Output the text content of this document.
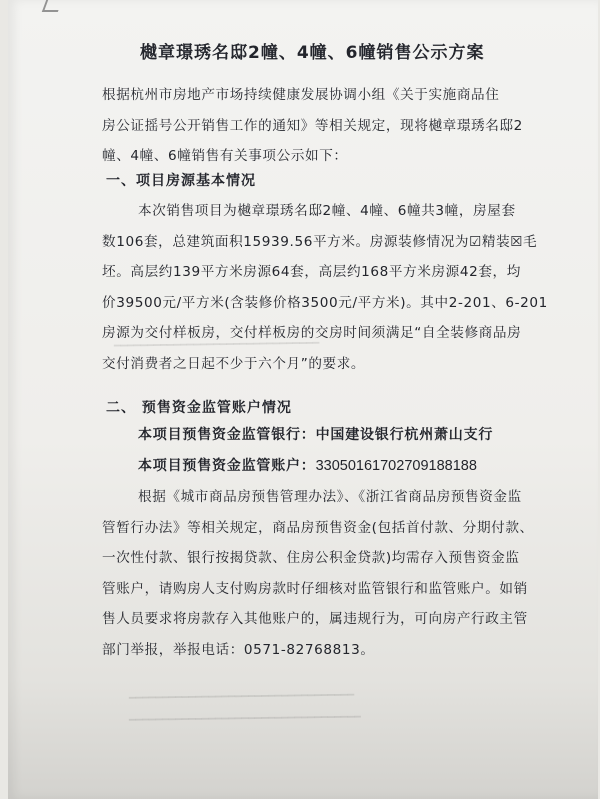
樾章璟琇名邸2幢、4幢、6幢销售公示方案
根据杭州市房地产市场持续健康发展协调小组《关于实施商品住
房公证摇号公开销售工作的通知》等相关规定，现将樾章璟琇名邸2
幢、4幢、6幢销售有关事项公示如下：
一、项目房源基本情况
本次销售项目为樾章璟琇名邸2幢、4幢、6幢共3幢，房屋套
数106套，总建筑面积15939.56平方米。房源装修情况为☑精装☒毛
坯。高层约139平方米房源64套，高层约168平方米房源42套，均
价39500元/平方米(含装修价格3500元/平方米)。其中2-201、6-201
房源为交付样板房，交付样板房的交房时间须满足“自全装修商品房
交付消费者之日起不少于六个月”的要求。
二、 预售资金监管账户情况
本项目预售资金监管银行：中国建设银行杭州萧山支行
本项目预售资金监管账户：33050161702709188188
根据《城市商品房预售管理办法》、《浙江省商品房预售资金监
管暂行办法》等相关规定，商品房预售资金(包括首付款、分期付款、
一次性付款、银行按揭贷款、住房公积金贷款)均需存入预售资金监
管账户，请购房人支付购房款时仔细核对监管银行和监管账户。如销
售人员要求将房款存入其他账户的，属违规行为，可向房产行政主管
部门举报，举报电话：0571-82768813。
━━━━━━━━━━━━━━━━━━━━━━━━━━━━━━━
━━━━━━━━━━━━━━━━━━━━━━━━━━━━━━━━━━
━━━━━━━━━━━━━━━━━━━━━━━━━━━━━━━━━━━
